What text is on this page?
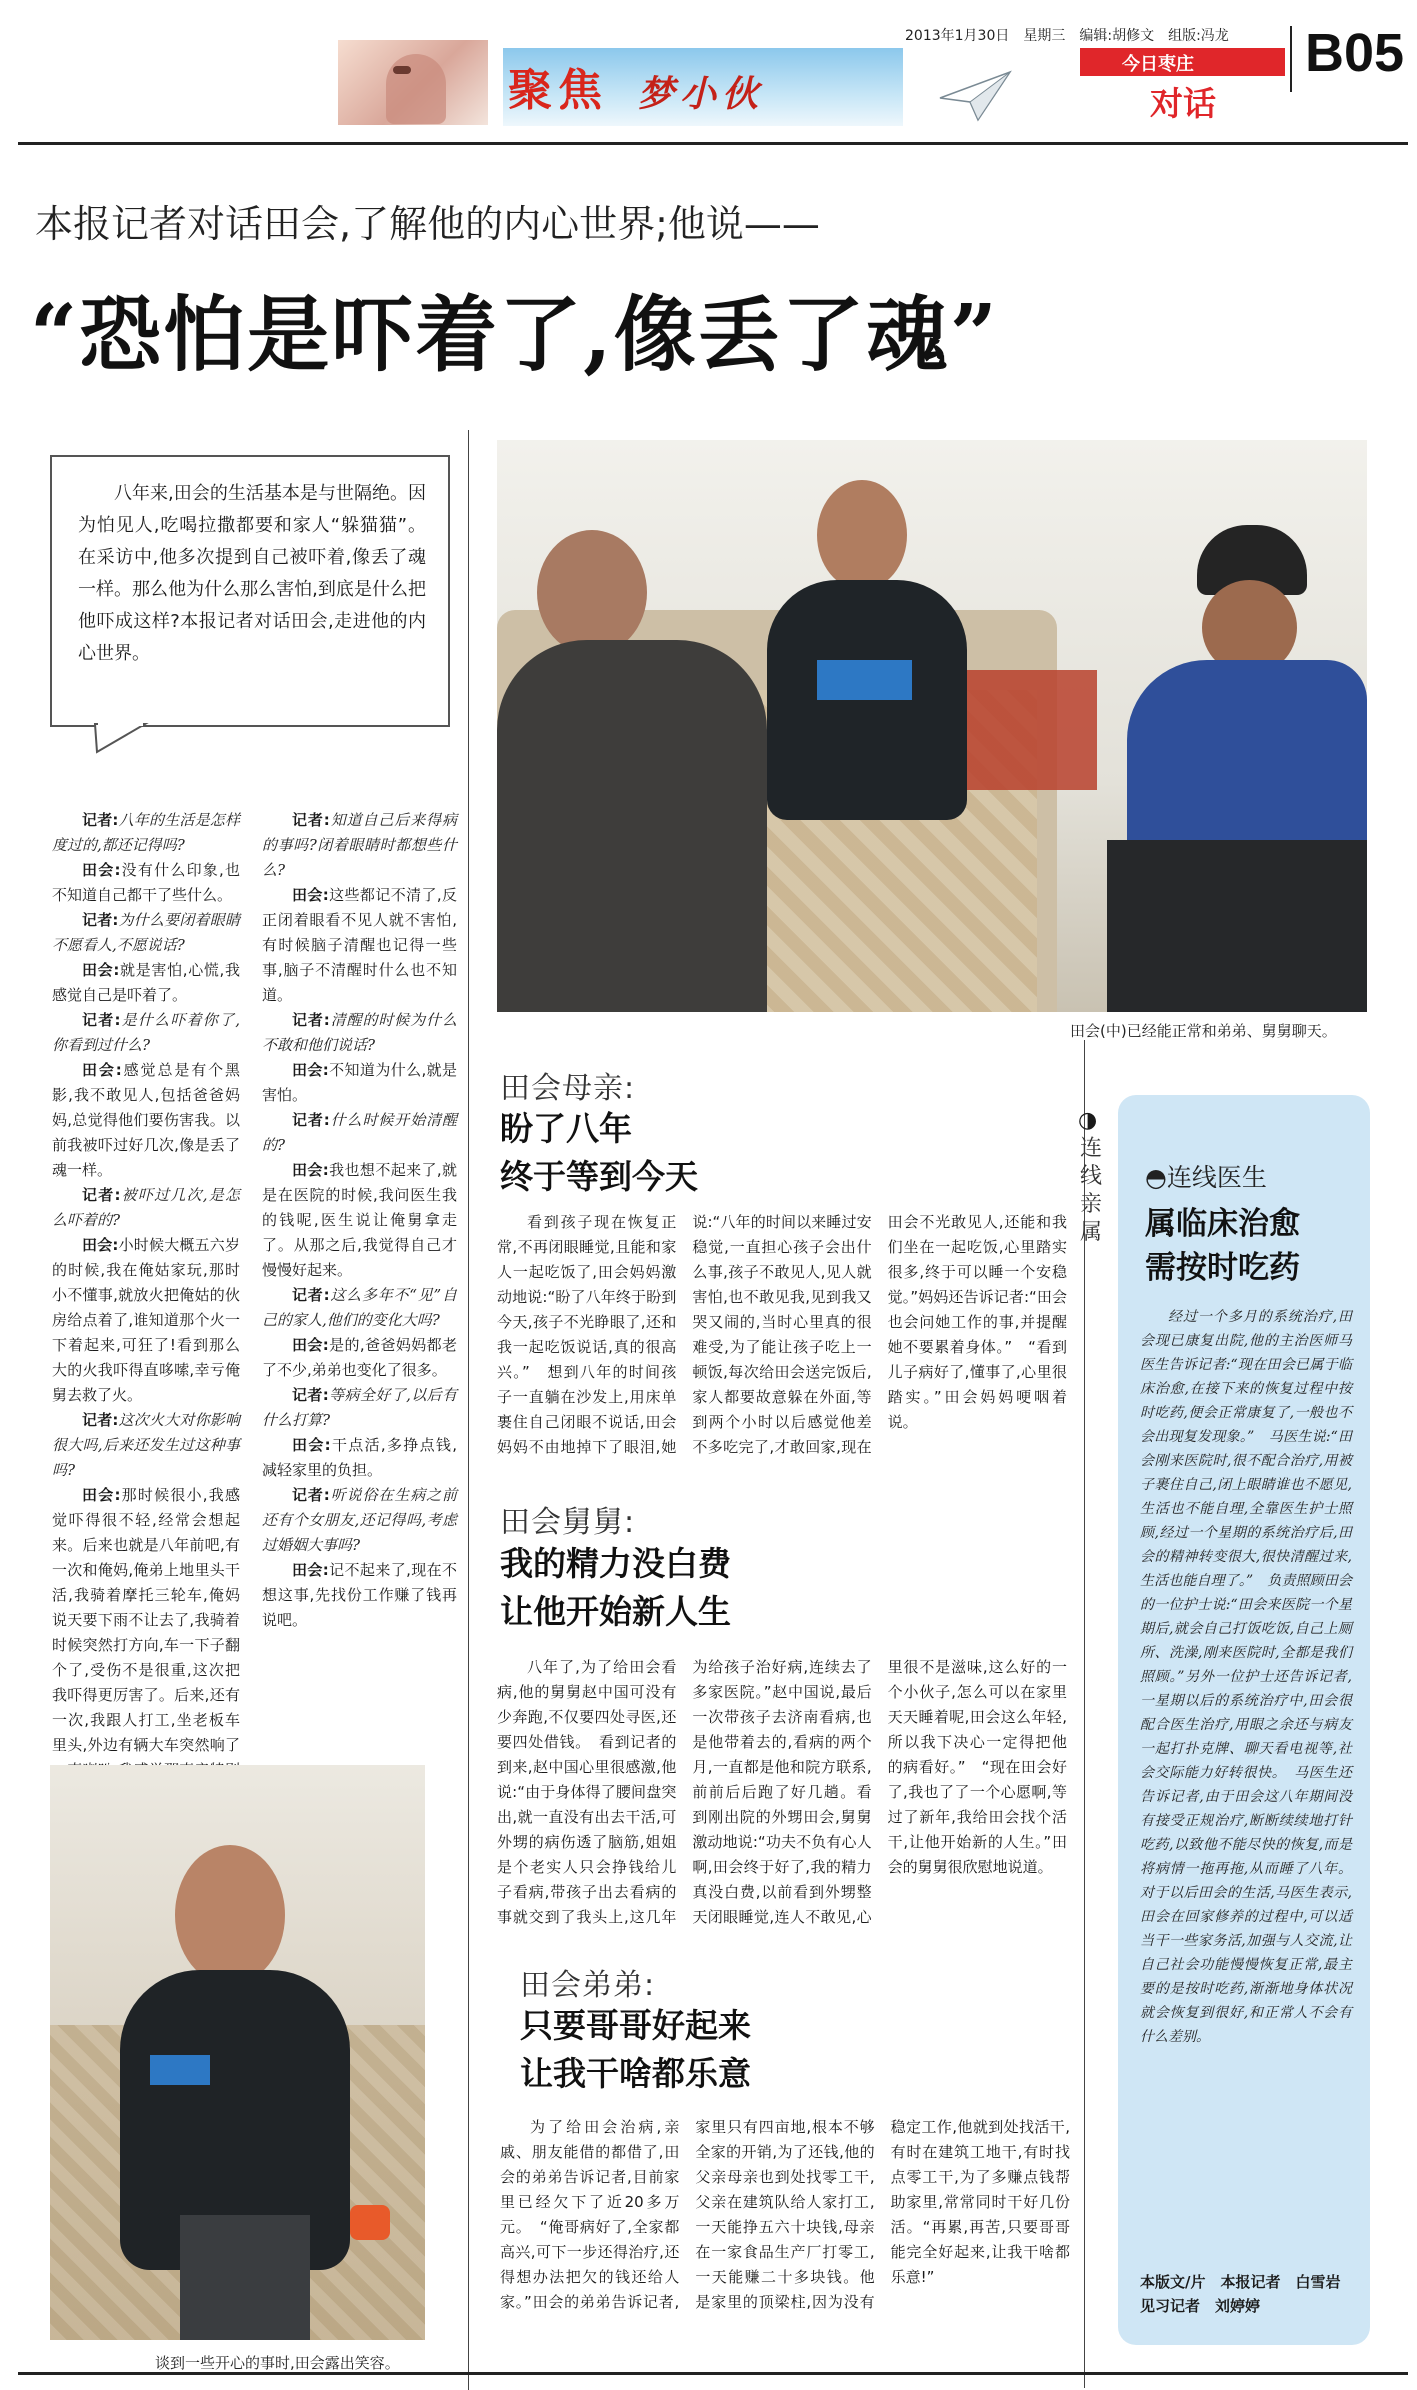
聚焦 梦小伙
2013年1月30日　星期三　编辑:胡修文　组版:冯龙
今日枣庄
对话
B05
本报记者对话田会,了解他的内心世界;他说——
“恐怕是吓着了,像丢了魂”
八年来,田会的生活基本是与世隔绝。因为怕见人,吃喝拉撒都要和家人“躲猫猫”。在采访中,他多次提到自己被吓着,像丢了魂一样。那么他为什么那么害怕,到底是什么把他吓成这样?本报记者对话田会,走进他的内心世界。

记者:八年的生活是怎样度过的,都还记得吗?

田会:没有什么印象,也不知道自己都干了些什么。

记者:为什么要闭着眼睛不愿看人,不愿说话?

田会:就是害怕,心慌,我感觉自己是吓着了。

记者:是什么吓着你了,你看到过什么?

田会:感觉总是有个黑影,我不敢见人,包括爸爸妈妈,总觉得他们要伤害我。以前我被吓过好几次,像是丢了魂一样。

记者:被吓过几次,是怎么吓着的?

田会:小时候大概五六岁的时候,我在俺姑家玩,那时小不懂事,就放火把俺姑的伙房给点着了,谁知道那个火一下着起来,可狂了!看到那么大的火我吓得直哆嗦,幸亏俺舅去救了火。

记者:这次火大对你影响很大吗,后来还发生过这种事吗?

田会:那时候很小,我感觉吓得很不轻,经常会想起来。后来也就是八年前吧,有一次和俺妈,俺弟上地里头干活,我骑着摩托三轮车,俺妈说天要下雨不让去了,我骑着时候突然打方向,车一下子翻个了,受伤不是很重,这次把我吓得更厉害了。后来,还有一次,我跟人打工,坐老板车里头,外边有辆大车突然响了

记者:知道自己后来得病的事吗?闭着眼睛时都想些什么?

田会:这些都记不清了,反正闭着眼看不见人就不害怕,有时候脑子清醒也记得一些事,脑子不清醒时什么也不知道。

记者:清醒的时候为什么不敢和他们说话?

田会:不知道为什么,就是害怕。

记者:什么时候开始清醒的?

田会:我也想不起来了,就是在医院的时候,我问医生我的钱呢,医生说让俺舅拿走了。从那之后,我觉得自己才慢慢好起来。

记者:这么多年不“见”自己的家人,他们的变化大吗?

田会:是的,爸爸妈妈都老了不少,弟弟也变化了很多。

记者:等病全好了,以后有什么打算?

田会:干点活,多挣点钱,减轻家里的负担。

记者:听说俗在生病之前还有个女朋友,还记得吗,考虑过婚姻大事吗?

田会:记不起来了,现在不想这事,先找份工作赚了钱再说吧。

田会(中)已经能正常和弟弟、舅舅聊天。
◑
连线亲属
田会母亲:
盼了八年
终于等到今天

看到孩子现在恢复正常,不再闭眼睡觉,且能和家人一起吃饭了,田会妈妈激动地说:“盼了八年终于盼到今天,孩子不光睁眼了,还和我一起吃饭说话,真的很高兴。”　想到八年的时间孩子一直躺在沙发上,用床单裹住自己闭眼不说话,田会妈妈不由地掉下了眼泪,她说:“八年的时间以来睡过安稳觉,一直担心孩子会出什么事,孩子不敢见人,见人就害怕,也不敢见我,见到我又哭又闹的,当时心里真的很难受,为了能让孩子吃上一顿饭,每次给田会送完饭后,家人都要故意躲在外面,等到两个小时以后感觉他差不多吃完了,才敢回家,现在田会不光敢见人,还能和我们坐在一起吃饭,心里踏实很多,终于可以睡一个安稳觉。”妈妈还告诉记者:“田会也会问她工作的事,并提醒她不要累着身体。”　“看到儿子病好了,懂事了,心里很踏实。”田会妈妈哽咽着说。

田会舅舅:
我的精力没白费
让他开始新人生

八年了,为了给田会看病,他的舅舅赵中国可没有少奔跑,不仅要四处寻医,还要四处借钱。　看到记者的到来,赵中国心里很感激,他说:“由于身体得了腰间盘突出,就一直没有出去干活,可外甥的病伤透了脑筋,姐姐是个老实人只会挣钱给儿子看病,带孩子出去看病的事就交到了我头上,这几年为给孩子治好病,连续去了多家医院。”赵中国说,最后一次带孩子去济南看病,也是他带着去的,看病的两个月,一直都是他和院方联系,前前后后跑了好几趟。看到刚出院的外甥田会,舅舅激动地说:“功夫不负有心人啊,田会终于好了,我的精力真没白费,以前看到外甥整天闭眼睡觉,连人不敢见,心里很不是滋味,这么好的一个小伙子,怎么可以在家里天天睡着呢,田会这么年轻,所以我下决心一定得把他的病看好。”　“现在田会好了,我也了了一个心愿啊,等过了新年,我给田会找个活干,让他开始新的人生。”田会的舅舅很欣慰地说道。

田会弟弟:
只要哥哥好起来
让我干啥都乐意

为了给田会治病,亲戚、朋友能借的都借了,田会的弟弟告诉记者,目前家里已经欠下了近20多万元。　“俺哥病好了,全家都高兴,可下一步还得治疗,还得想办法把欠的钱还给人家。”田会的弟弟告诉记者,家里只有四亩地,根本不够全家的开销,为了还钱,他的父亲母亲也到处找零工干,父亲在建筑队给人家打工,一天能挣五六十块钱,母亲在一家食品生产厂打零工,一天能赚二十多块钱。他是家里的顶梁柱,因为没有稳定工作,他就到处找活干,有时在建筑工地干,有时找点零工干,为了多赚点钱帮助家里,常常同时干好几份活。“再累,再苦,只要哥哥能完全好起来,让我干啥都乐意!”

谈到一些开心的事时,田会露出笑容。
◓连线医生
属临床治愈
需按时吃药

经过一个多月的系统治疗,田会现已康复出院,他的主治医师马医生告诉记者:“现在田会已属于临床治愈,在接下来的恢复过程中按时吃药,便会正常康复了,一般也不会出现复发现象。”　马医生说:“田会刚来医院时,很不配合治疗,用被子裹住自己,闭上眼睛谁也不愿见,生活也不能自理,全靠医生护士照顾,经过一个星期的系统治疗后,田会的精神转变很大,很快清醒过来,生活也能自理了。”　负责照顾田会的一位护士说:“田会来医院一个星期后,就会自己打饭吃饭,自己上厕所、洗澡,刚来医院时,全都是我们照顾。”另外一位护士还告诉记者,一星期以后的系统治疗中,田会很配合医生治疗,用眼之余还与病友一起打扑克牌、聊天看电视等,社会交际能力好转很快。　马医生还告诉记者,由于田会这八年期间没有接受正规治疗,断断续续地打针吃药,以致他不能尽快的恢复,而是将病情一拖再拖,从而睡了八年。对于以后田会的生活,马医生表示,田会在回家修养的过程中,可以适当干一些家务活,加强与人交流,让自己社会功能慢慢恢复正常,最主要的是按时吃药,渐渐地身体状况就会恢复到很好,和正常人不会有什么差别。

本版文/片　本报记者　白雪岩　见习记者　刘婷婷
